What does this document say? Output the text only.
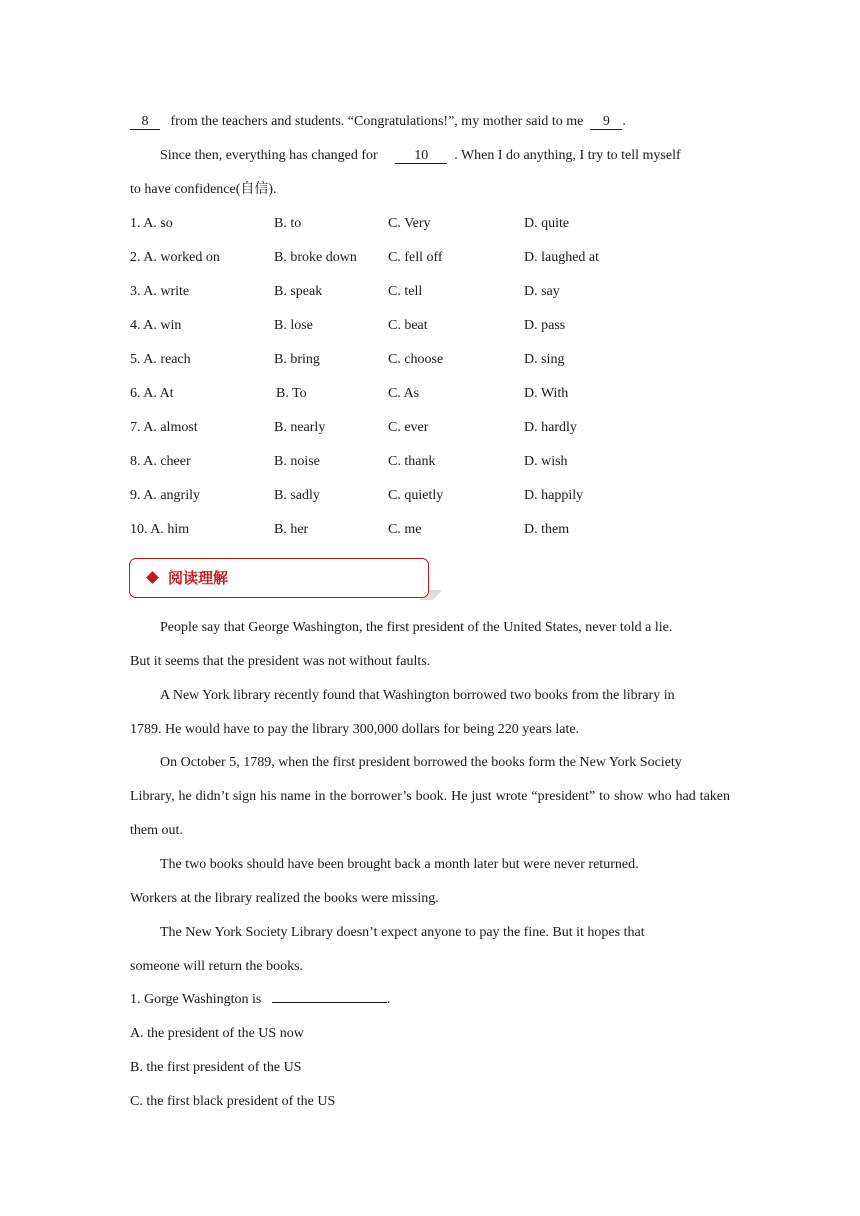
8 from the teachers and students. “Congratulations!”, my mother said to me 9 .
Since then, everything has changed for	10 . When I do anything, I try to tell myself
to have confidence(自信).
1. A. so	B. to	C. Very	D. quite
2. A. worked on	B. broke down C. fell off	D. laughed at
3. A. write	B. speak	C. tell	D. say
4. A. win	B. lose	C. beat	D. pass
5. A. reach	B. bring	C. choose	D. sing
6. A. At	B. To	C. As	D. With
7. A. almost	B. nearly	C. ever	D. hardly
8. A. cheer	B. noise	C. thank	D. wish
9. A. angrily	B. sadly	C. quietly	D. happily
10. A. him	B. her	C. me	D. them
阅读理解
People say that George Washington, the first president of the United States, never told a lie.
But it seems that the president was not without faults.
A New York library recently found that Washington borrowed two books from the library in
1789. He would have to pay the library 300,000 dollars for being 220 years late.
On October 5, 1789, when the first president borrowed the books form the New York Society
Library, he didn’t sign his name in the borrower’s book. He just wrote “president” to show who had taken them out.
The two books should have been brought back a month later but were never returned.
Workers at the library realized the books were missing.
The New York Society Library doesn’t expect anyone to pay the fine. But it hopes that
someone will return the books.
1. Gorge Washington is	.
A. the president of the US now
B. the first president of the US
C. the first black president of the US
